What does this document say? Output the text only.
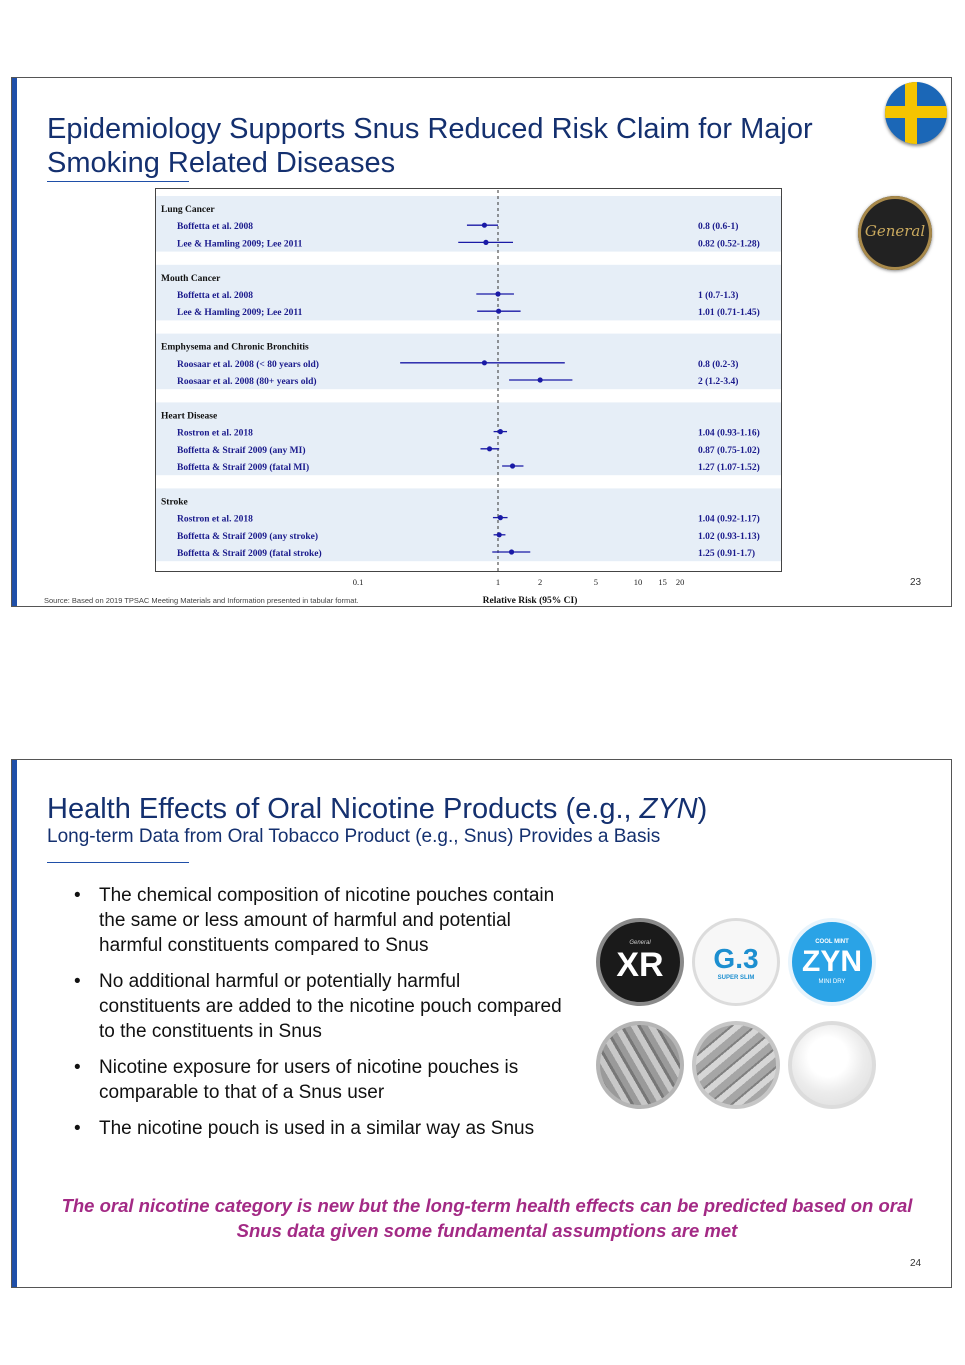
Epidemiology Supports Snus Reduced Risk Claim for Major
Smoking Related Diseases
General
Lung Cancer
Boffetta et al. 2008	0.8 (0.6-1)
Lee & Hamling 2009; Lee 2011	0.82 (0.52-1.28)
Mouth Cancer
Boffetta et al. 2008	1 (0.7-1.3)
Lee & Hamling 2009; Lee 2011	1.01 (0.71-1.45)
Emphysema and Chronic Bronchitis
Roosaar et al. 2008 (< 80 years old)	0.8 (0.2-3)
Roosaar et al. 2008 (80+ years old)	2 (1.2-3.4)
Heart Disease
Rostron et al. 2018	1.04 (0.93-1.16)
Boffetta & Straif 2009 (any MI)	0.87 (0.75-1.02)
Boffetta & Straif 2009 (fatal MI)	1.27 (1.07-1.52)
Stroke
Rostron et al. 2018	1.04 (0.92-1.17)
Boffetta & Straif 2009 (any stroke)	1.02 (0.93-1.13)
Boffetta & Straif 2009 (fatal stroke)	1.25 (0.91-1.7)
0.1	1	2	5	10 15 20
Relative Risk (95% CI)
Source: Based on 2019 TPSAC Meeting Materials and Information presented in tabular format.
23
Health Effects of Oral Nicotine Products (e.g., ZYN)

Long-term Data from Oral Tobacco Product (e.g., Snus) Provides a Basis

• The chemical composition of nicotine pouches contain the same or less amount of harmful and potential harmful constituents compared to Snus
• No additional harmful or potentially harmful constituents are added to the nicotine pouch compared to the constituents in Snus
• Nicotine exposure for users of nicotine pouches is comparable to that of a Snus user
• The nicotine pouch is used in a similar way as Snus
General
XR G.3
SUPER SLIM
COOL MINT
ZYN
MINI DRY

The oral nicotine category is new but the long-term health effects can be predicted based on oral Snus data given some fundamental assumptions are met

24
